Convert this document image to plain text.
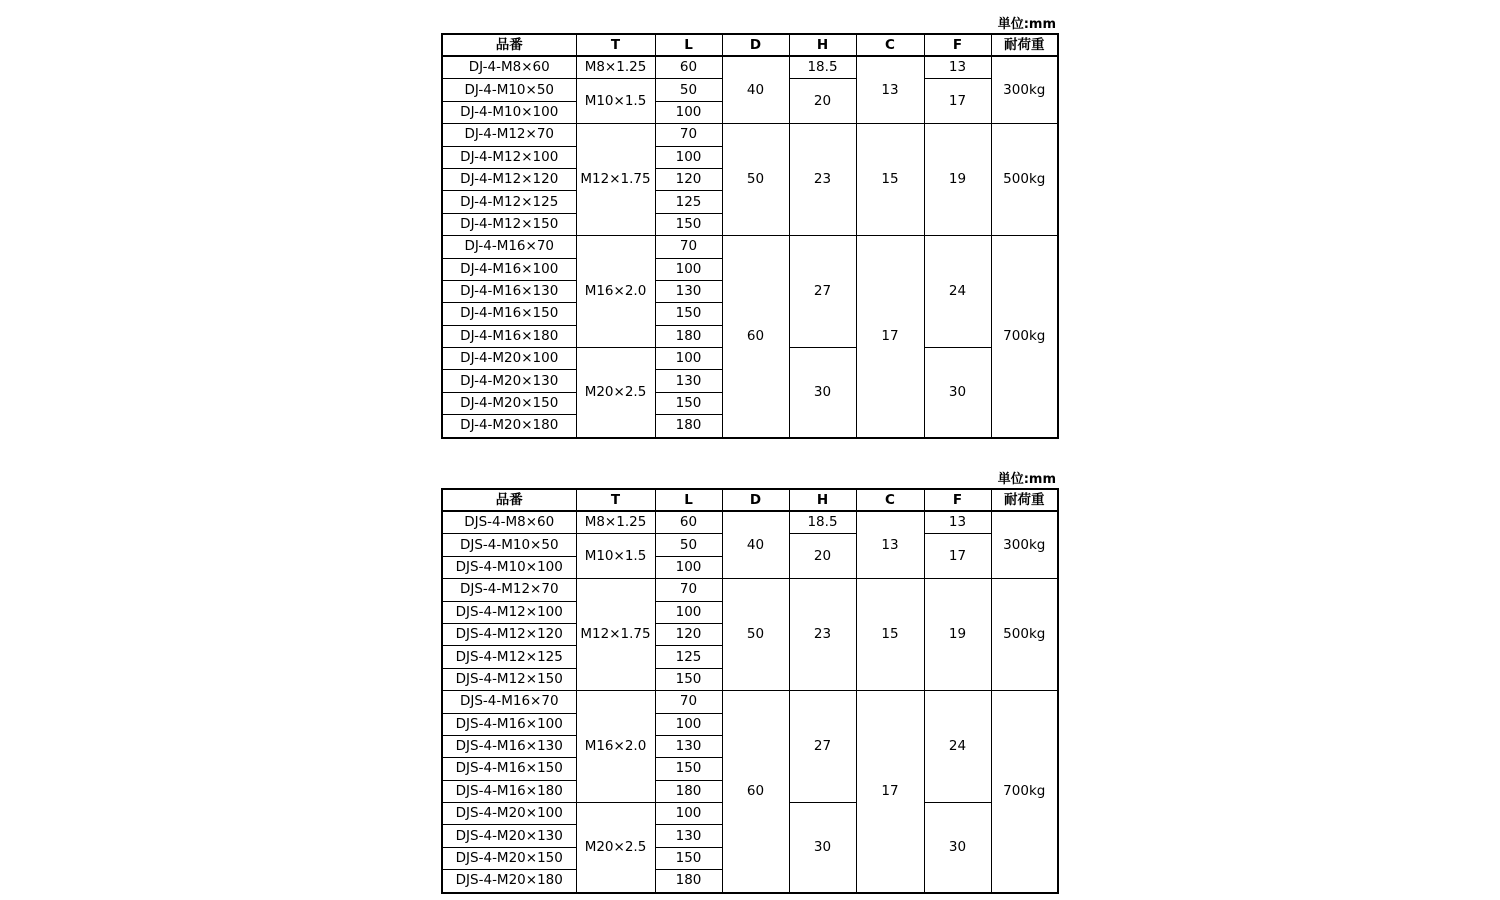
単位:mm
品番	T	L	D	H	C	F	耐荷重
DJ-4-M8×60	M8×1.25	60	40	18.5	13	13	300kg
DJ-4-M10×50	M10×1.5	50		20		17	
DJ-4-M10×100		100					
DJ-4-M12×70	M12×1.75	70	50	23	15	19	500kg
DJ-4-M12×100		100					
DJ-4-M12×120		120					
DJ-4-M12×125		125					
DJ-4-M12×150		150					
DJ-4-M16×70	M16×2.0	70	60	27	17	24	700kg
DJ-4-M16×100		100					
DJ-4-M16×130		130					
DJ-4-M16×150		150					
DJ-4-M16×180		180					
DJ-4-M20×100	M20×2.5	100		30		30	
DJ-4-M20×130		130					
DJ-4-M20×150		150					
DJ-4-M20×180		180					
単位:mm
品番	T	L	D	H	C	F	耐荷重
DJS-4-M8×60	M8×1.25	60	40	18.5	13	13	300kg
DJS-4-M10×50	M10×1.5	50		20		17	
DJS-4-M10×100		100					
DJS-4-M12×70	M12×1.75	70	50	23	15	19	500kg
DJS-4-M12×100		100					
DJS-4-M12×120		120					
DJS-4-M12×125		125					
DJS-4-M12×150		150					
DJS-4-M16×70	M16×2.0	70	60	27	17	24	700kg
DJS-4-M16×100		100					
DJS-4-M16×130		130					
DJS-4-M16×150		150					
DJS-4-M16×180		180					
DJS-4-M20×100	M20×2.5	100		30		30	
DJS-4-M20×130		130					
DJS-4-M20×150		150					
DJS-4-M20×180		180					
